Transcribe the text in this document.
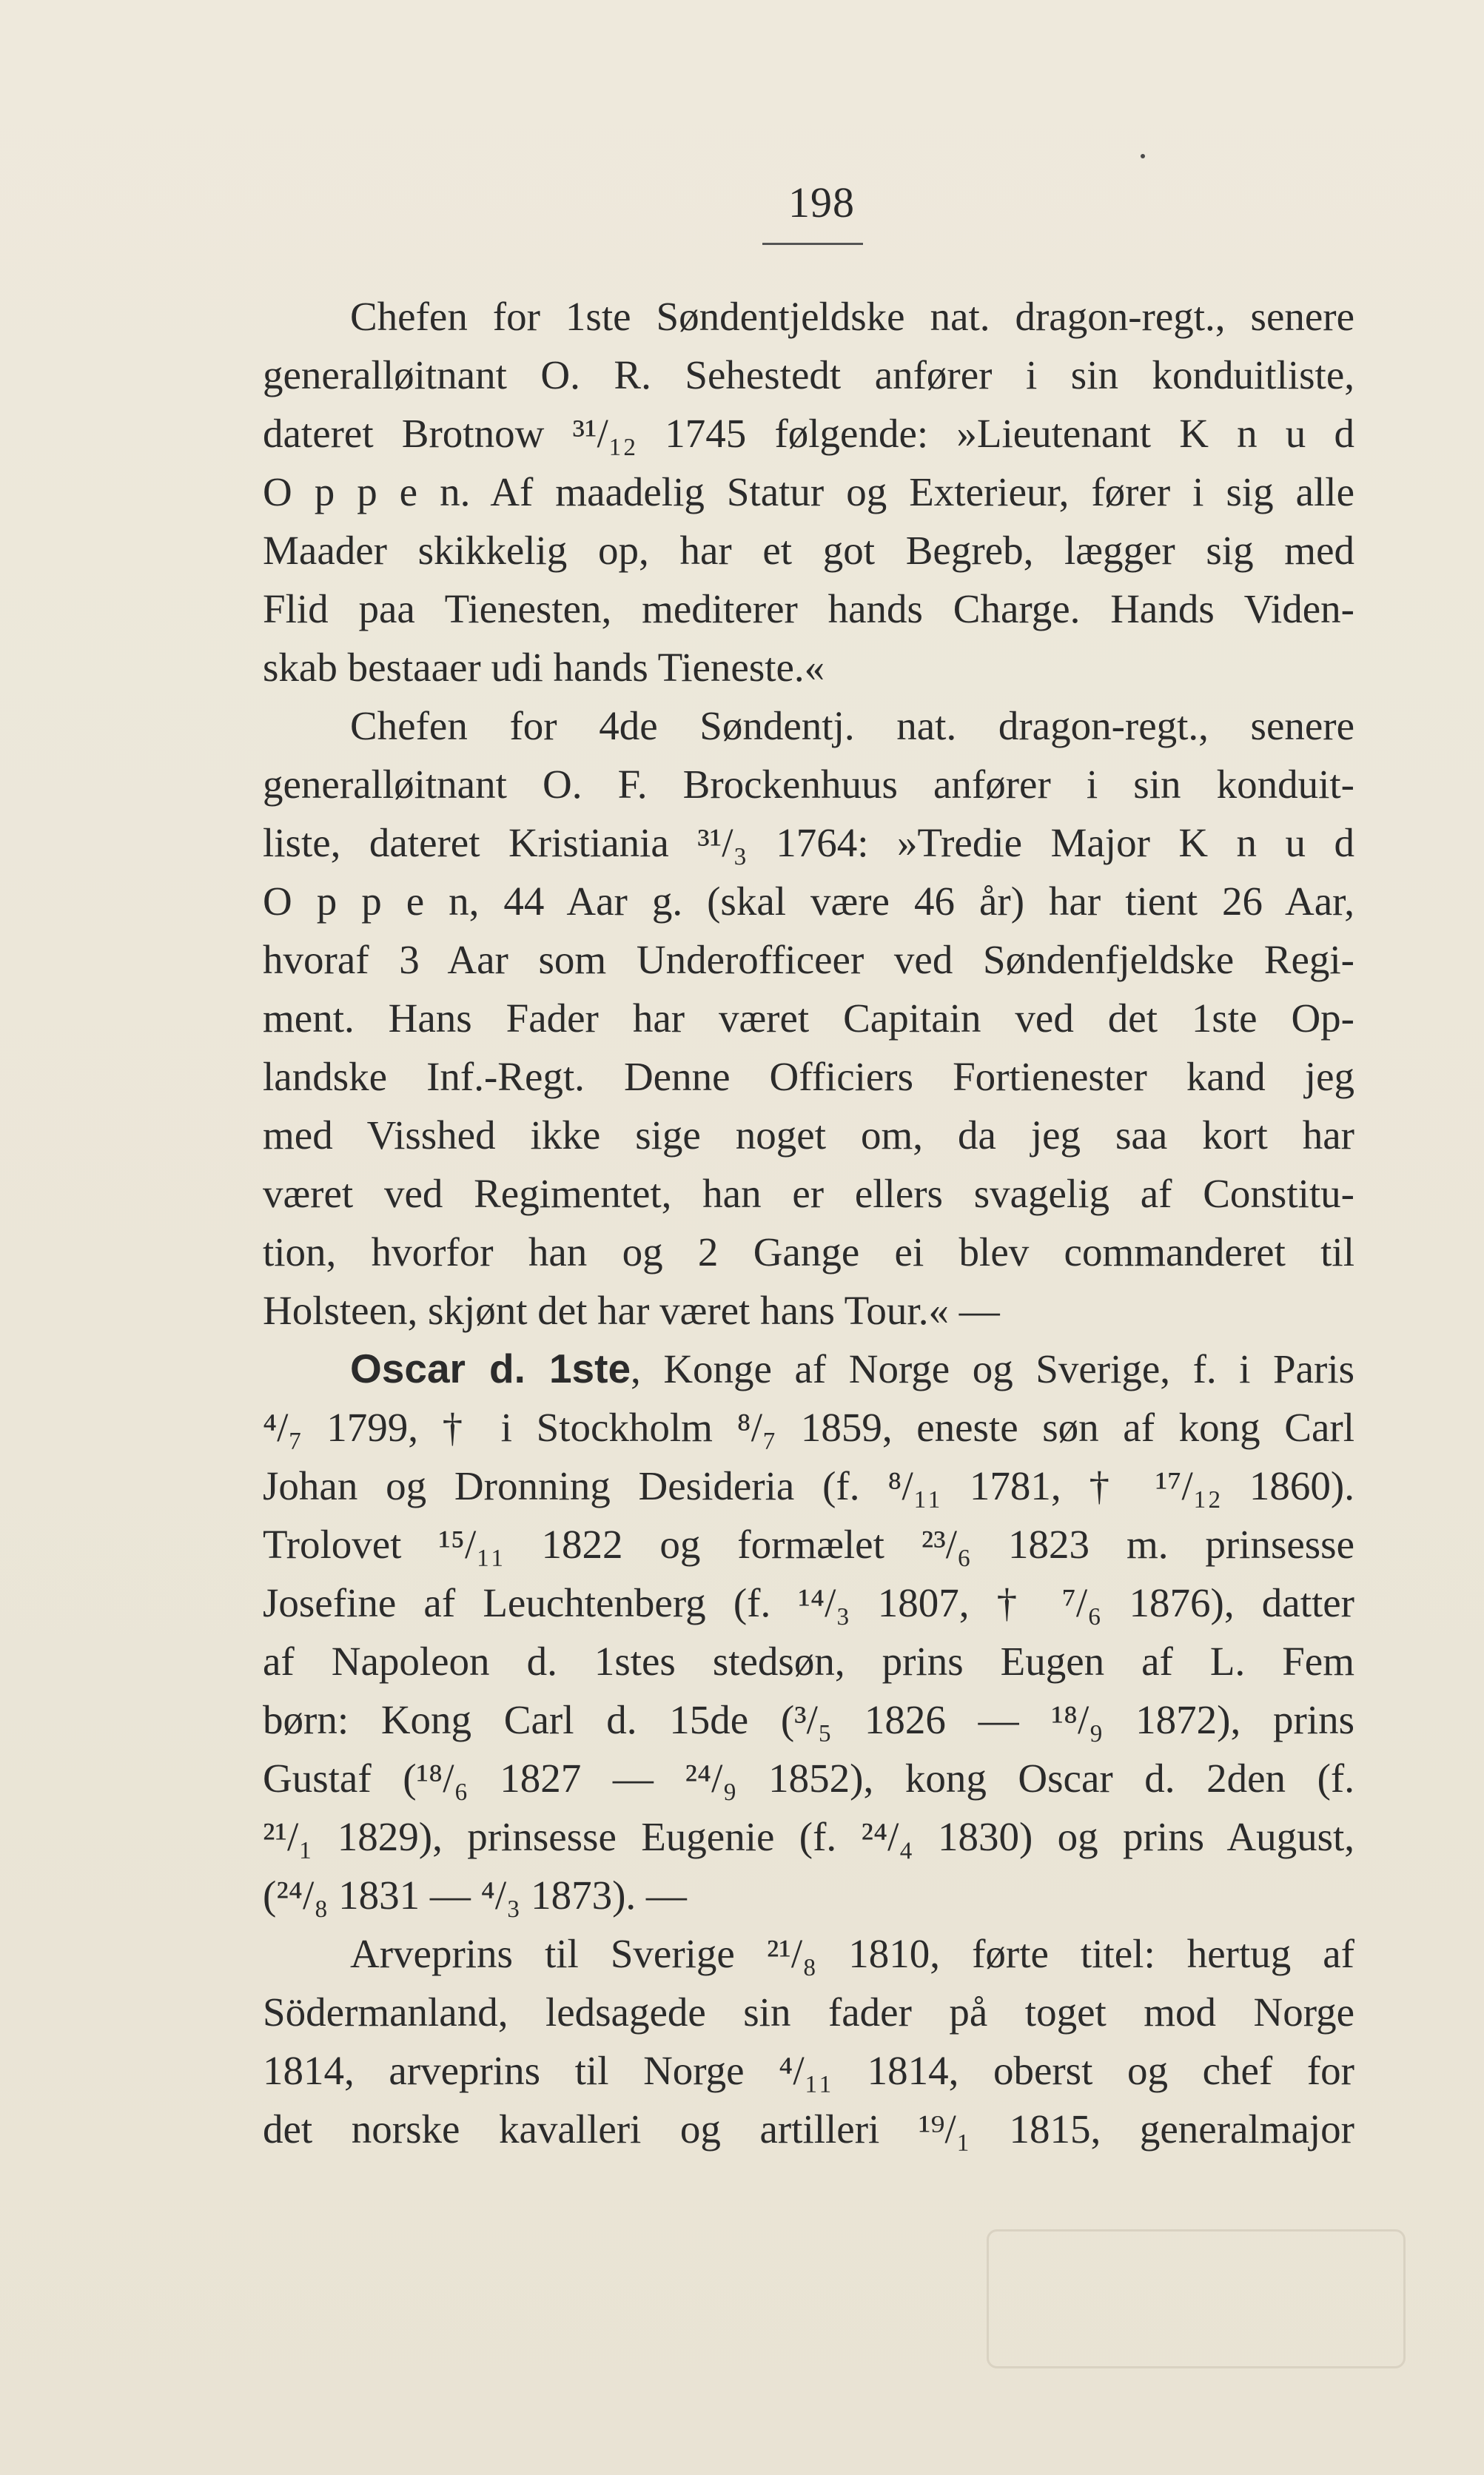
198
Chefen for 1ste Søndentjeldske nat. dragon-regt., senere
generalløitnant O. R. Sehestedt anfører i sin konduitliste,
dateret Brotnow ³¹/₁₂ 1745 følgende: »Lieutenant K n u d
O p p e n. Af maadelig Statur og Exterieur, fører i sig alle
Maader skikkelig op, har et got Begreb, lægger sig med
Flid paa Tienesten, mediterer hands Charge. Hands Viden-
skab bestaaer udi hands Tieneste.«
Chefen for 4de Søndentj. nat. dragon-regt., senere
generalløitnant O. F. Brockenhuus anfører i sin konduit-
liste, dateret Kristiania ³¹/₃ 1764: »Tredie Major K n u d
O p p e n, 44 Aar g. (skal være 46 år) har tient 26 Aar,
hvoraf 3 Aar som Underofficeer ved Søndenfjeldske Regi-
ment. Hans Fader har været Capitain ved det 1ste Op-
landske Inf.-Regt. Denne Officiers Fortienester kand jeg
med Visshed ikke sige noget om, da jeg saa kort har
været ved Regimentet, han er ellers svagelig af Constitu-
tion, hvorfor han og 2 Gange ei blev commanderet til
Holsteen, skjønt det har været hans Tour.« —
Oscar d. 1ste, Konge af Norge og Sverige, f. i Paris
⁴/₇ 1799, † i Stockholm ⁸/₇ 1859, eneste søn af kong Carl
Johan og Dronning Desideria (f. ⁸/₁₁ 1781, † ¹⁷/₁₂ 1860).
Trolovet ¹⁵/₁₁ 1822 og formælet ²³/₆ 1823 m. prinsesse
Josefine af Leuchtenberg (f. ¹⁴/₃ 1807, † ⁷/₆ 1876), datter
af Napoleon d. 1stes stedsøn, prins Eugen af L. Fem
børn: Kong Carl d. 15de (³/₅ 1826 — ¹⁸/₉ 1872), prins
Gustaf (¹⁸/₆ 1827 — ²⁴/₉ 1852), kong Oscar d. 2den (f.
²¹/₁ 1829), prinsesse Eugenie (f. ²⁴/₄ 1830) og prins August,
(²⁴/₈ 1831 — ⁴/₃ 1873). —
Arveprins til Sverige ²¹/₈ 1810, førte titel: hertug af
Södermanland, ledsagede sin fader på toget mod Norge
1814, arveprins til Norge ⁴/₁₁ 1814, oberst og chef for
det norske kavalleri og artilleri ¹⁹/₁ 1815, generalmajor
